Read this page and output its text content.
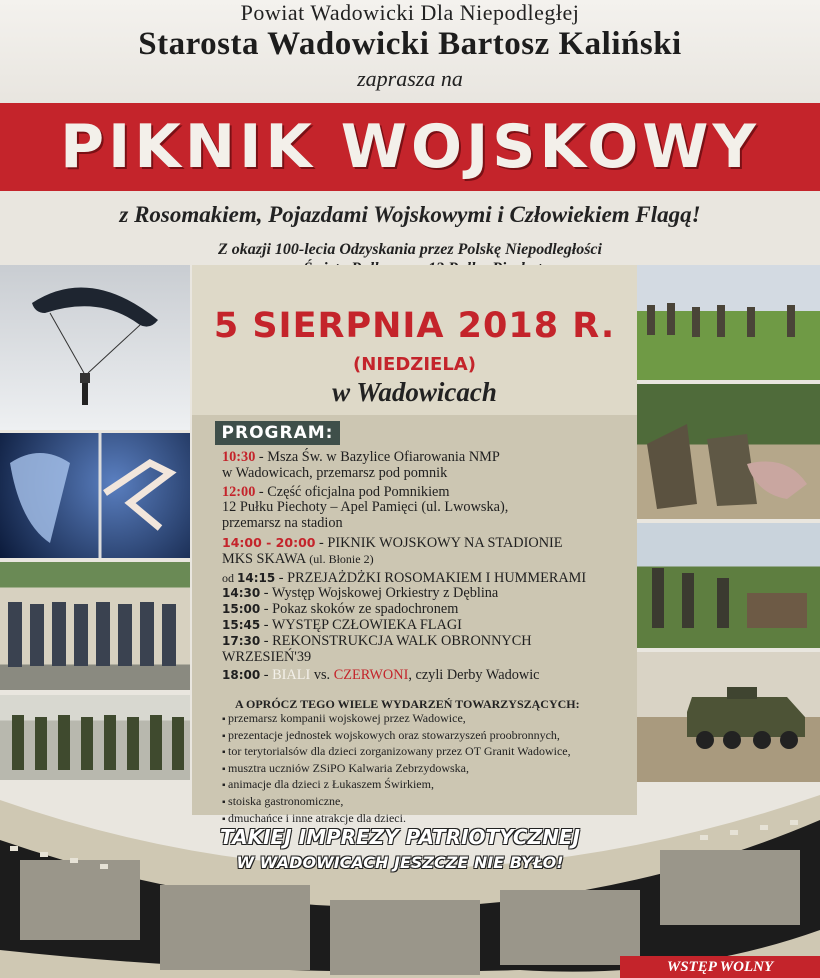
Powiat Wadowicki Dla Niepodległej
Starosta Wadowicki Bartosz Kaliński
zaprasza na
PIKNIK WOJSKOWY
z Rosomakiem, Pojazdami Wojskowymi i Człowiekiem Flagą!
Z okazji 100-lecia Odzyskania przez Polskę Niepodległości
5 SIERPNIA 2018 R.
(NIEDZIELA)
w Wadowicach
PROGRAM:
10:30 - Msza Św. w Bazylice Ofiarowania NMP
w Wadowicach, przemarsz pod pomnik
12:00 - Część oficjalna pod Pomnikiem
12 Pułku Piechoty – Apel Pamięci (ul. Lwowska),
przemarsz na stadion
14:00 - 20:00 - PIKNIK WOJSKOWY NA STADIONIE
MKS SKAWA (ul. Błonie 2)
od 14:15 - PRZEJAŻDŻKI ROSOMAKIEM I HUMMERAMI
14:30 - Występ Wojskowej Orkiestry z Dęblina
15:00 - Pokaz skoków ze spadochronem
15:45 - WYSTĘP CZŁOWIEKA FLAGI
17:30 - REKONSTRUKCJA WALK OBRONNYCH
WRZESIEŃ'39
18:00 - BIALI vs. CZERWONI, czyli Derby Wadowic
A OPRÓCZ TEGO WIELE WYDARZEŃ TOWARZYSZĄCYCH:
▪ przemarsz kompanii wojskowej przez Wadowice,
▪ prezentacje jednostek wojskowych oraz stowarzyszeń proobronnych,
▪ tor terytorialsów dla dzieci zorganizowany przez OT Granit Wadowice,
▪ musztra uczniów ZSiPO Kalwaria Zebrzydowska,
▪ animacje dla dzieci z Łukaszem Świrkiem,
▪ stoiska gastronomiczne,
▪ dmuchańce i inne atrakcje dla dzieci.
TAKIEJ IMPREZY PATRIOTYCZNEJ
W WADOWICACH JESZCZE NIE BYŁO!
WSTĘP WOLNY
